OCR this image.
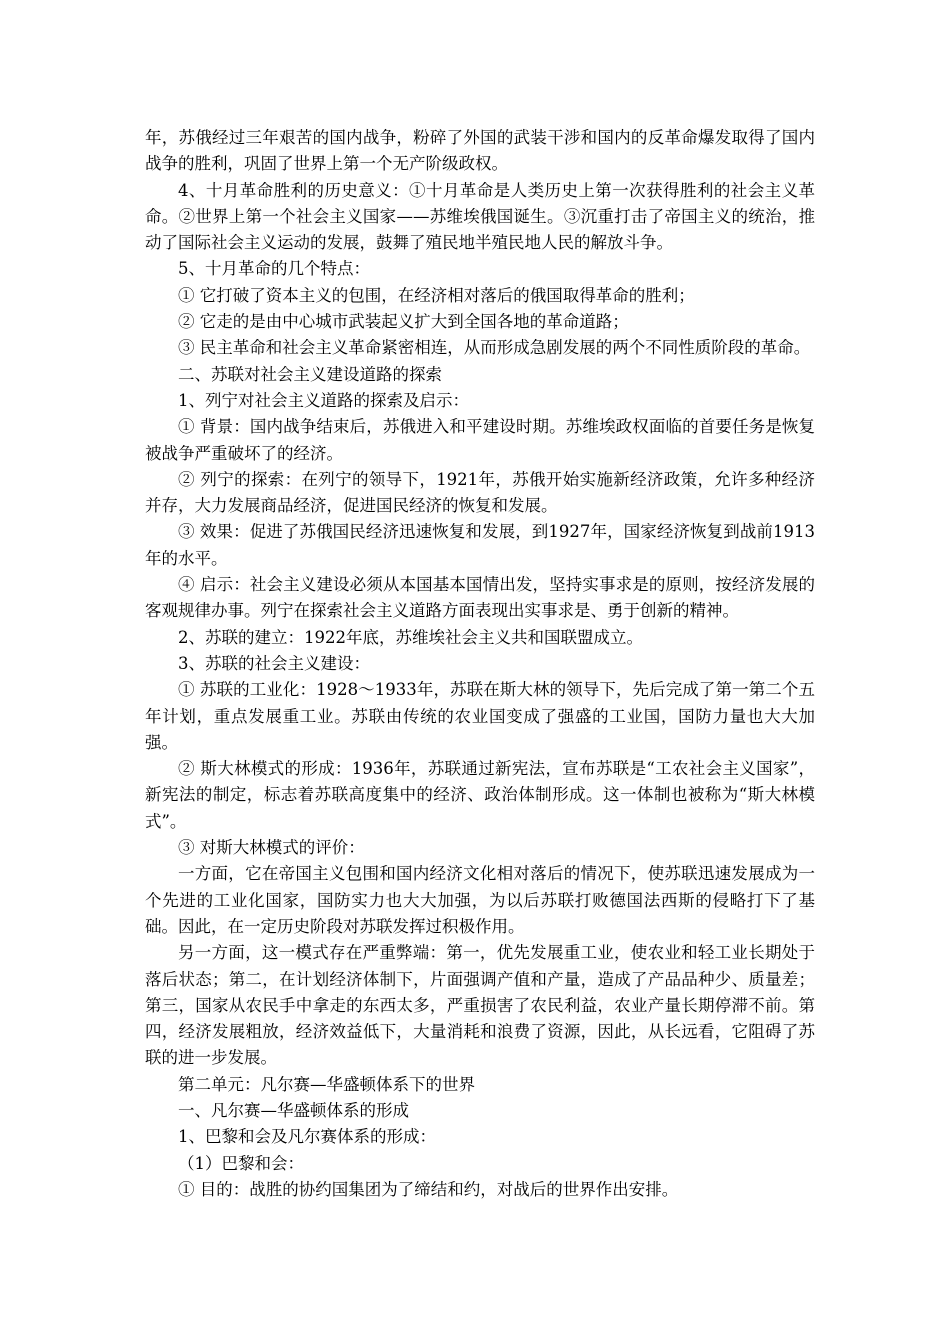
年，苏俄经过三年艰苦的国内战争，粉碎了外国的武装干涉和国内的反革命爆发取得了国内战争的胜利，巩固了世界上第一个无产阶级政权。

4、十月革命胜利的历史意义：①十月革命是人类历史上第一次获得胜利的社会主义革命。②世界上第一个社会主义国家——苏维埃俄国诞生。③沉重打击了帝国主义的统治，推动了国际社会主义运动的发展，鼓舞了殖民地半殖民地人民的解放斗争。

5、十月革命的几个特点：

① 它打破了资本主义的包围，在经济相对落后的俄国取得革命的胜利；

② 它走的是由中心城市武装起义扩大到全国各地的革命道路；

③ 民主革命和社会主义革命紧密相连，从而形成急剧发展的两个不同性质阶段的革命。

二、苏联对社会主义建设道路的探索

1、列宁对社会主义道路的探索及启示：

① 背景：国内战争结束后，苏俄进入和平建设时期。苏维埃政权面临的首要任务是恢复被战争严重破坏了的经济。

② 列宁的探索：在列宁的领导下，1921年，苏俄开始实施新经济政策，允许多种经济并存，大力发展商品经济，促进国民经济的恢复和发展。

③ 效果：促进了苏俄国民经济迅速恢复和发展，到1927年，国家经济恢复到战前1913年的水平。

④ 启示：社会主义建设必须从本国基本国情出发，坚持实事求是的原则，按经济发展的客观规律办事。列宁在探索社会主义道路方面表现出实事求是、勇于创新的精神。

2、苏联的建立：1922年底，苏维埃社会主义共和国联盟成立。

3、苏联的社会主义建设：

① 苏联的工业化：1928～1933年，苏联在斯大林的领导下，先后完成了第一第二个五年计划，重点发展重工业。苏联由传统的农业国变成了强盛的工业国，国防力量也大大加强。

② 斯大林模式的形成：1936年，苏联通过新宪法，宣布苏联是“工农社会主义国家”，新宪法的制定，标志着苏联高度集中的经济、政治体制形成。这一体制也被称为“斯大林模式”。

③ 对斯大林模式的评价：

一方面，它在帝国主义包围和国内经济文化相对落后的情况下，使苏联迅速发展成为一个先进的工业化国家，国防实力也大大加强，为以后苏联打败德国法西斯的侵略打下了基础。因此，在一定历史阶段对苏联发挥过积极作用。

另一方面，这一模式存在严重弊端：第一，优先发展重工业，使农业和轻工业长期处于落后状态；第二，在计划经济体制下，片面强调产值和产量，造成了产品品种少、质量差；第三，国家从农民手中拿走的东西太多，严重损害了农民利益，农业产量长期停滞不前。第四，经济发展粗放，经济效益低下，大量消耗和浪费了资源，因此，从长远看，它阻碍了苏联的进一步发展。

第二单元：凡尔赛—华盛顿体系下的世界

一、凡尔赛—华盛顿体系的形成

1、巴黎和会及凡尔赛体系的形成：

（1）巴黎和会：

① 目的：战胜的协约国集团为了缔结和约，对战后的世界作出安排。
